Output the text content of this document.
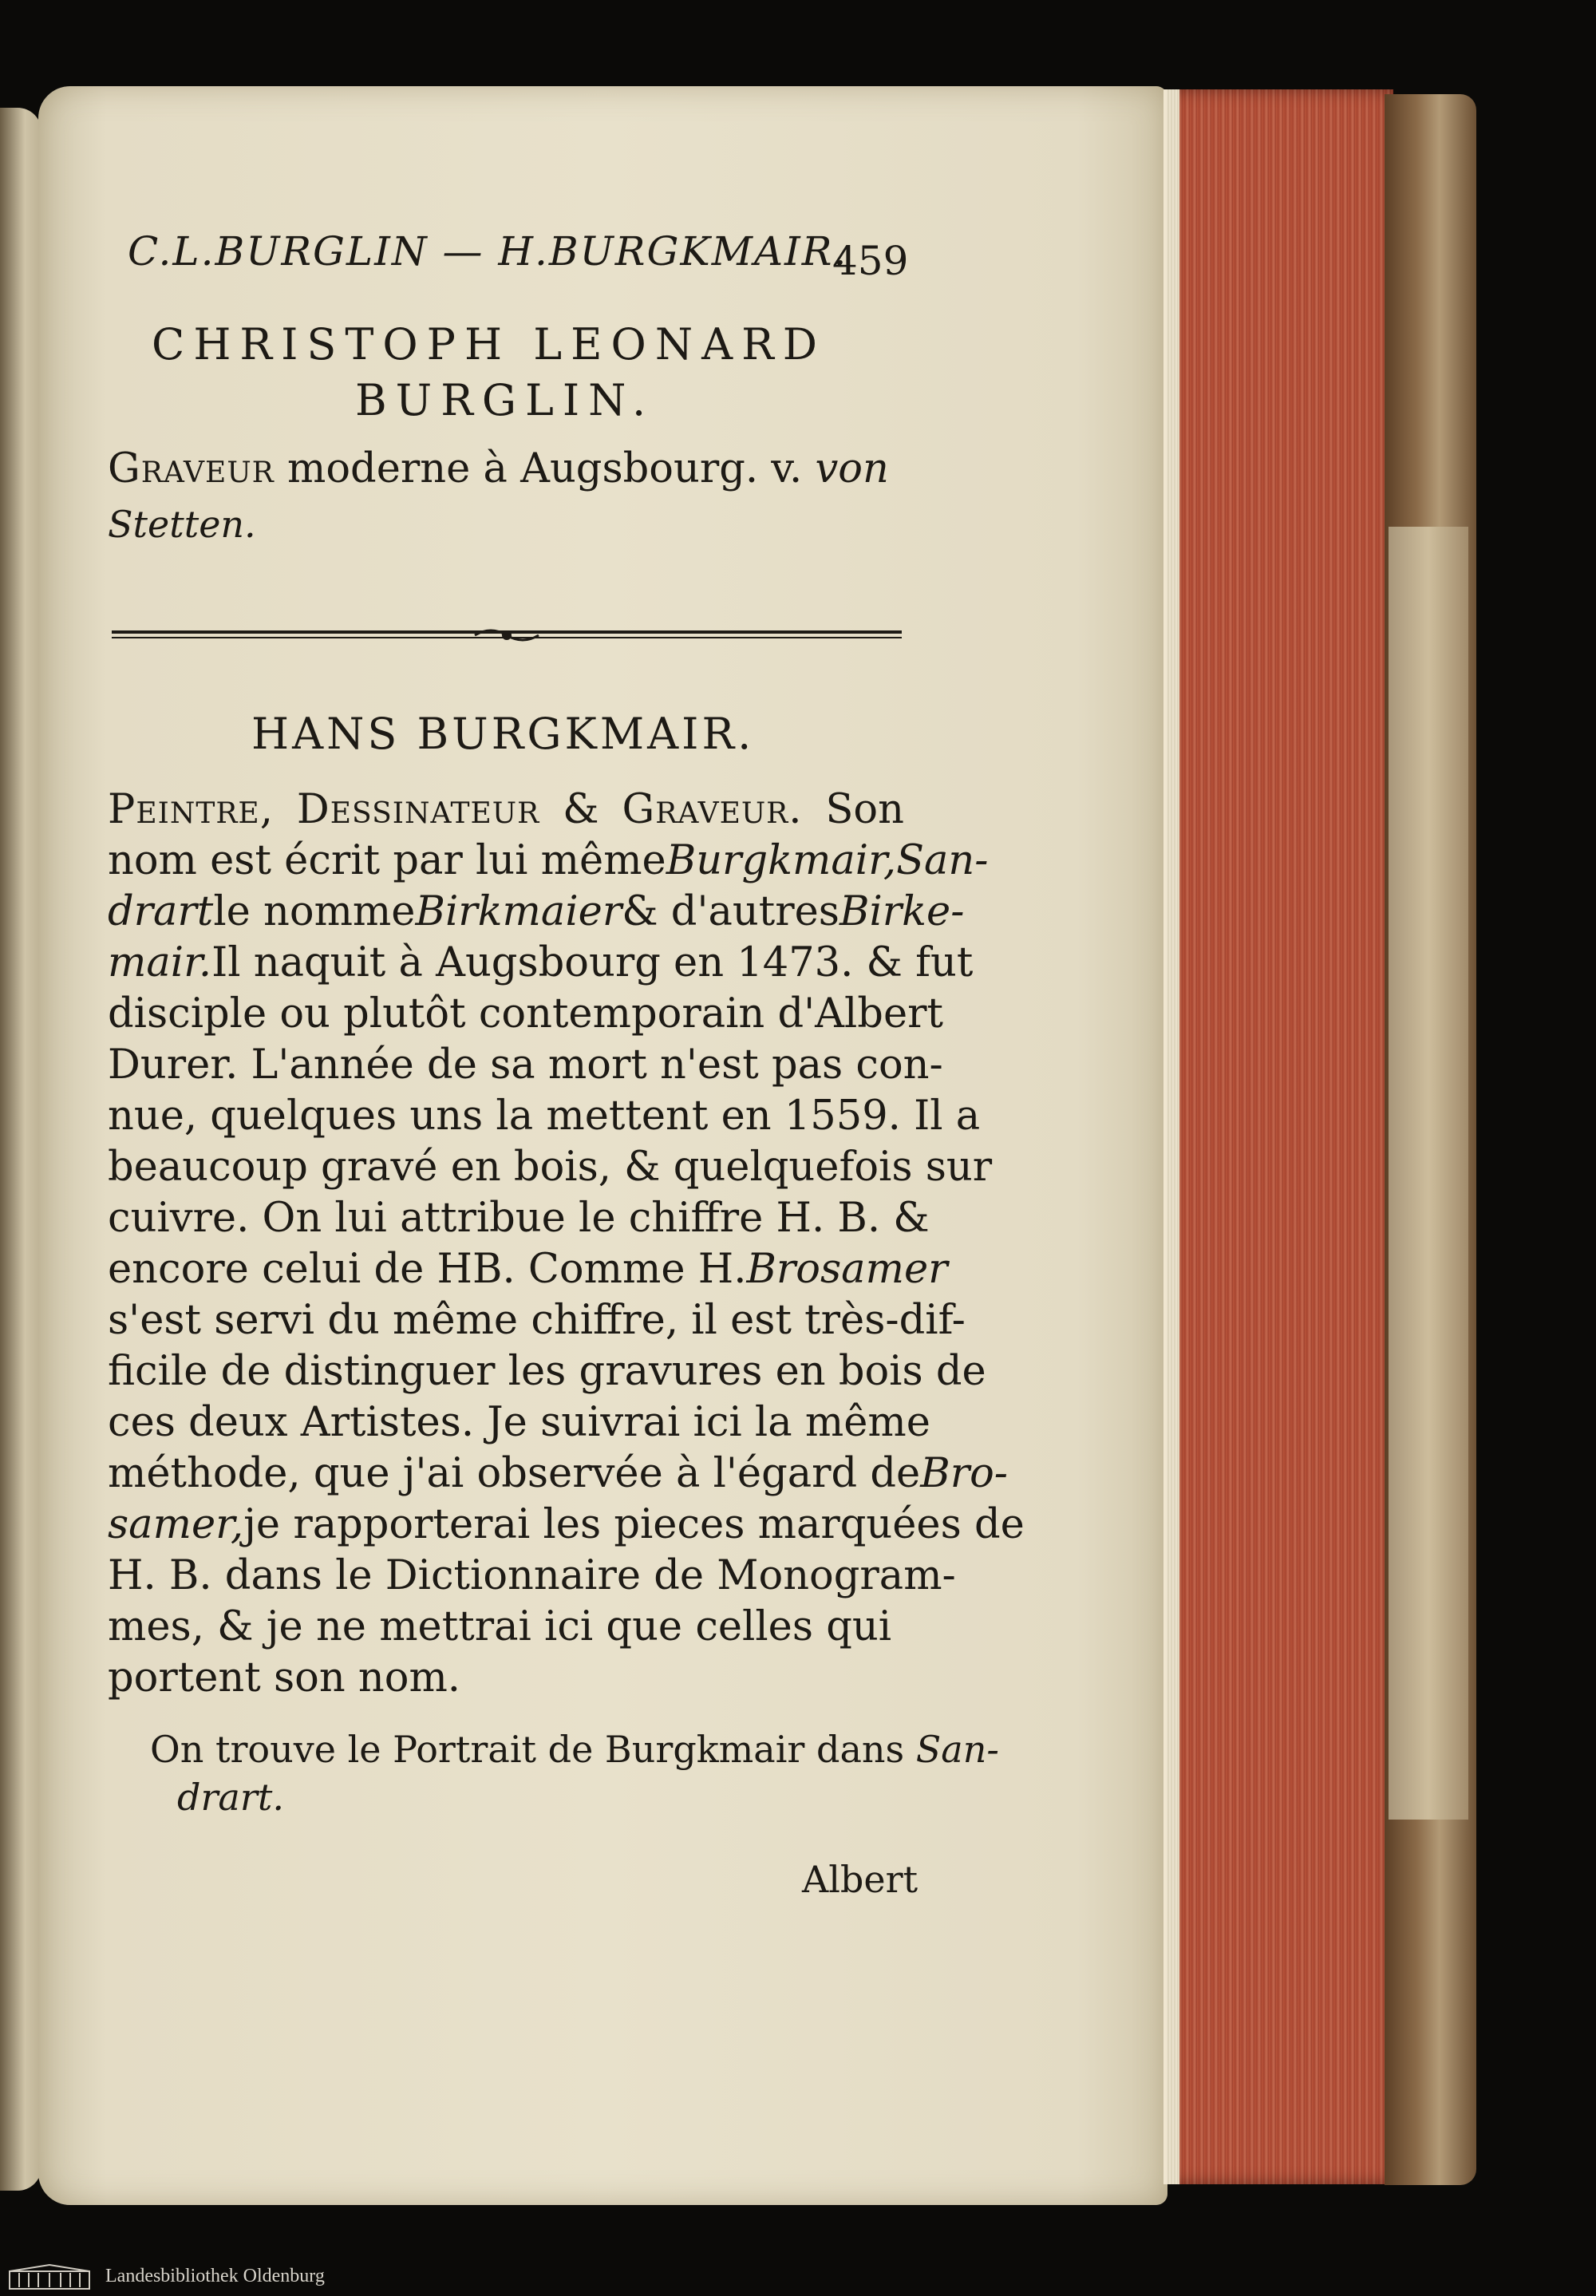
C.L.BURGLIN — H.BURGKMAIR.
459
CHRISTOPH LEONARD
BURGLIN.
Graveur moderne à Augsbourg. v. von
Stetten.
HANS BURGKMAIR.
Peintre, Dessinateur & Graveur. Son
nom est écrit par lui même Burgkmair, San-
drart le nomme Birkmaier & d'autres Birke-
mair. Il naquit à Augsbourg en 1473. & fut
disciple ou plutôt contemporain d'Albert
Durer. L'année de sa mort n'est pas con-
nue, quelques uns la mettent en 1559. Il a
beaucoup gravé en bois, & quelquefois sur
cuivre. On lui attribue le chiffre H. B. &
encore celui de HB. Comme H. Brosamer
s'est servi du même chiffre, il est très-dif-
ficile de distinguer les gravures en bois de
ces deux Artistes. Je suivrai ici la même
méthode, que j'ai observée à l'égard de Bro-
samer, je rapporterai les pieces marquées de
H. B. dans le Dictionnaire de Monogram-
mes, & je ne mettrai ici que celles qui
portent son nom.
On trouve le Portrait de Burgkmair dans San-
drart.
Albert
Landesbibliothek Oldenburg
